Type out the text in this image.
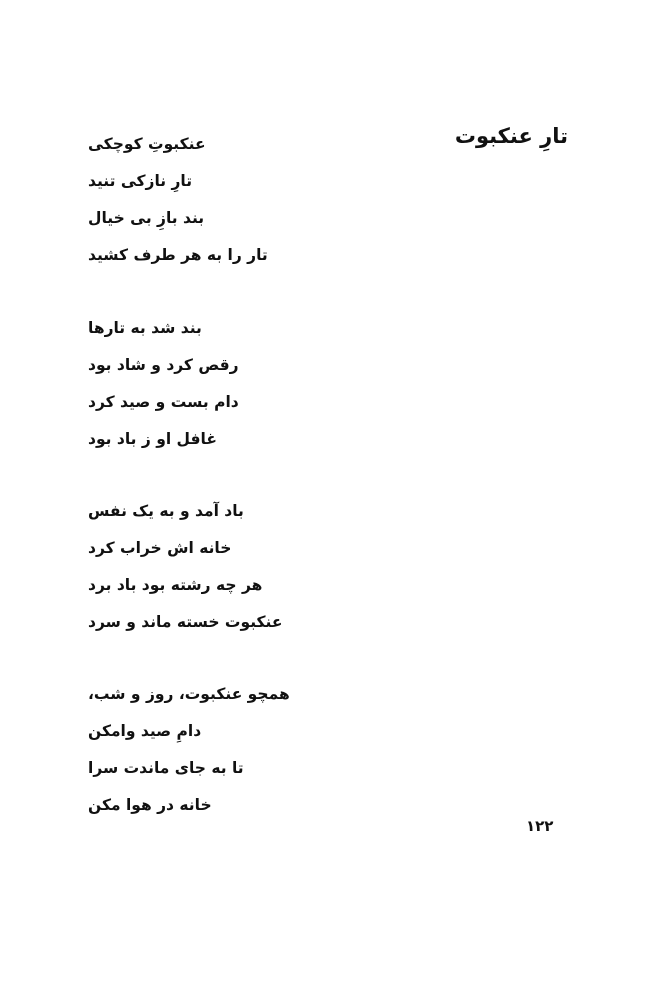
تارِ عنکبوت
عنکبوتِ کوچکی
تارِ نازکی تنید
بند بازِ بی خیال
تار را به هر طرف کشید
بند شد به تارها
رقص کرد و شاد بود
دام بست و صید کرد
غافل او ز باد بود
باد آمد و به یک نفس
خانه اش خراب کرد
هر چه رشته بود باد برد
عنکبوت خسته ماند و سرد
همچو عنکبوت، روز و شب،
دامِ صید وامکن
تا به جای ماندت سرا
خانه در هوا مکن
۱۲۲
